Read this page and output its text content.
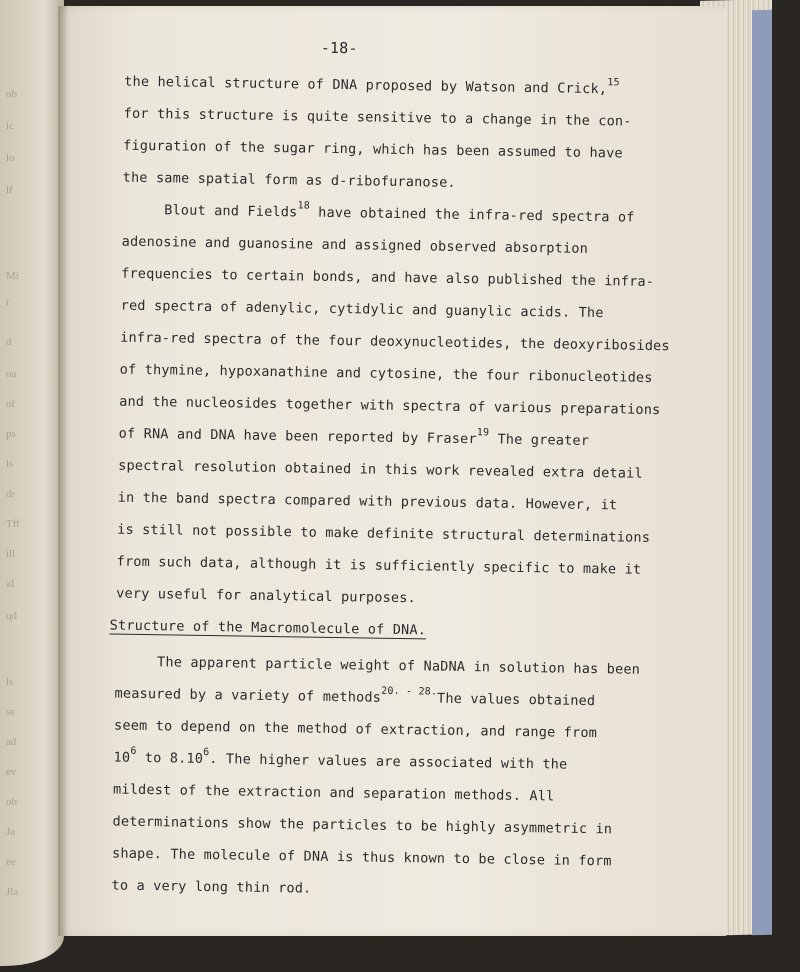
ob
ic
lo
lf
Mi
r
d
oa
ol
ps
ls
dr
Tff
ill
al
qd
ls
se
ad
ev
ob
Ja
ee
Jla
-18-
the helical structure of DNA proposed by Watson and Crick,$^{15}$
for this structure is quite sensitive to a change in the con-
figuration of the sugar ring, which has been assumed to have
the same spatial form as d-ribofuranose.
Blout and Fields$^{18}$ have obtained the infra-red spectra of
adenosine and guanosine and assigned observed absorption
frequencies to certain bonds, and have also published the infra-
red spectra of adenylic, cytidylic and guanylic acids. The
infra-red spectra of the four deoxynucleotides, the deoxyribosides
of thymine, hypoxanathine and cytosine, the four ribonucleotides
and the nucleosides together with spectra of various preparations
of RNA and DNA have been reported by Fraser$^{19}$ The greater
spectral resolution obtained in this work revealed extra detail
in the band spectra compared with previous data. However, it
is still not possible to make definite structural determinations
from such data, although it is sufficiently specific to make it
very useful for analytical purposes.
Structure of the Macromolecule of DNA.
The apparent particle weight of NaDNA in solution has been
measured by a variety of methods$^{20. - 28.}$The values obtained
seem to depend on the method of extraction, and range from
10$^6$ to 8.10$^6$. The higher values are associated with the
mildest of the extraction and separation methods. All
determinations show the particles to be highly asymmetric in
shape. The molecule of DNA is thus known to be close in form
to a very long thin rod.
